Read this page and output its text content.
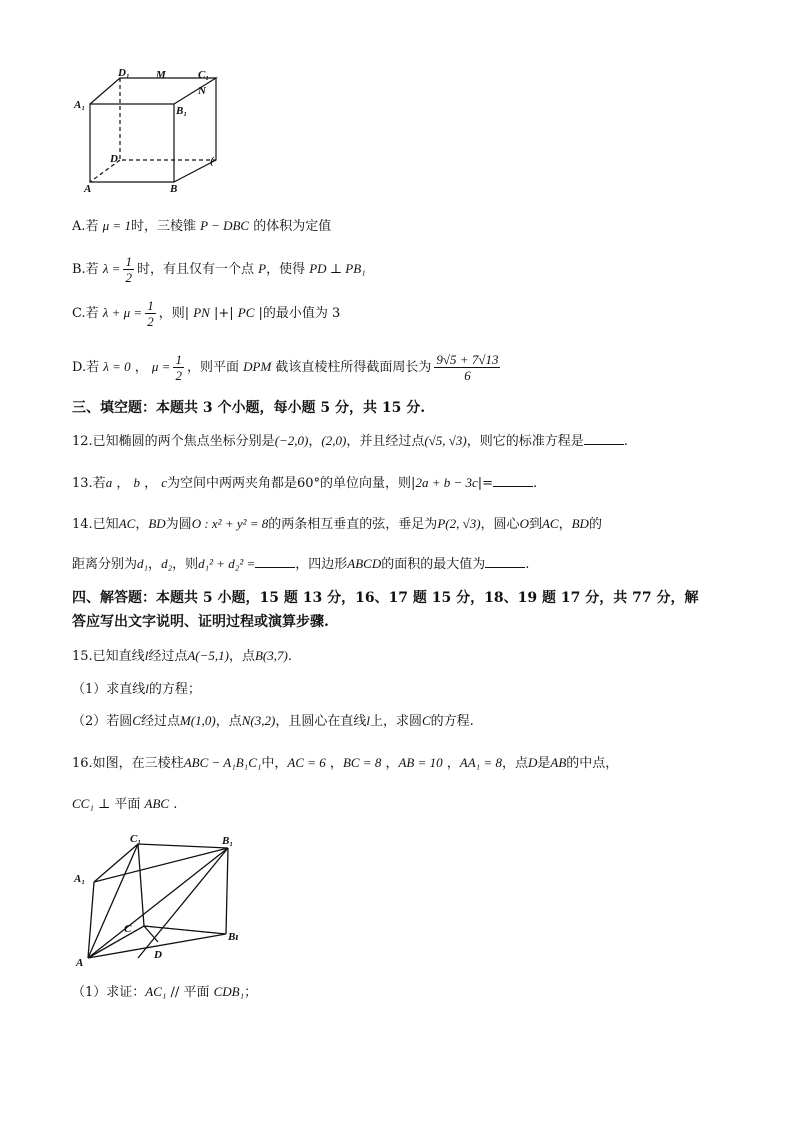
D₁ M	C₁
N
A₁	B₁
D	(
A	B
A.若 μ = 1时，三棱锥 P − DBC 的体积为定值
B.若 $\lambda = \frac{1}{2}$ 时，有且仅有一个点 P，使得 PD ⊥ PB₁
C.若 $\lambda + \mu = \frac{1}{2}$ ，则| PN |+| PC |的最小值为 3
D.若 λ = 0 ， $\mu = \frac{1}{2}$ ，则平面 DPM 截该直棱柱所得截面周长为 $\frac{9√5 + 7√13}{6}$
三、填空题：本题共 3 个小题，每小题 5 分，共 15 分.
12.已知椭圆的两个焦点坐标分别是(−2,0)，(2,0)，并且经过点(√5, √3)，则它的标准方程是	.
13.若a ， b ， c为空间中两两夹角都是60°的单位向量，则|2a + b − 3c|=	.
14.已知AC，BD为圆O : x² + y² = 8的两条相互垂直的弦，垂足为P(2, √3)，圆心O到AC，BD的
距离分别为d₁，d₂，则d₁² + d₂² =	，四边形ABCD的面积的最大值为	.
四、解答题：本题共 5 小题，15 题 13 分，16、17 题 15 分，18、19 题 17 分，共 77 分，解
答应写出文字说明、证明过程或演算步骤.
15.已知直线l经过点A(−5,1)，点B(3,7).
（1）求直线l的方程；
（2）若圆C经过点M(1,0)，点N(3,2)，且圆心在直线l上，求圆C的方程.
16.如图，在三棱柱ABC − A₁B₁C₁中，AC = 6 ，BC = 8 ，AB = 10 ，AA₁ = 8，点D是AB的中点，
CC₁ ⊥ 平面 ABC .
C₁	B₁
A₁
C
Bı
A
D
（1）求证：AC₁ // 平面 CDB₁；
